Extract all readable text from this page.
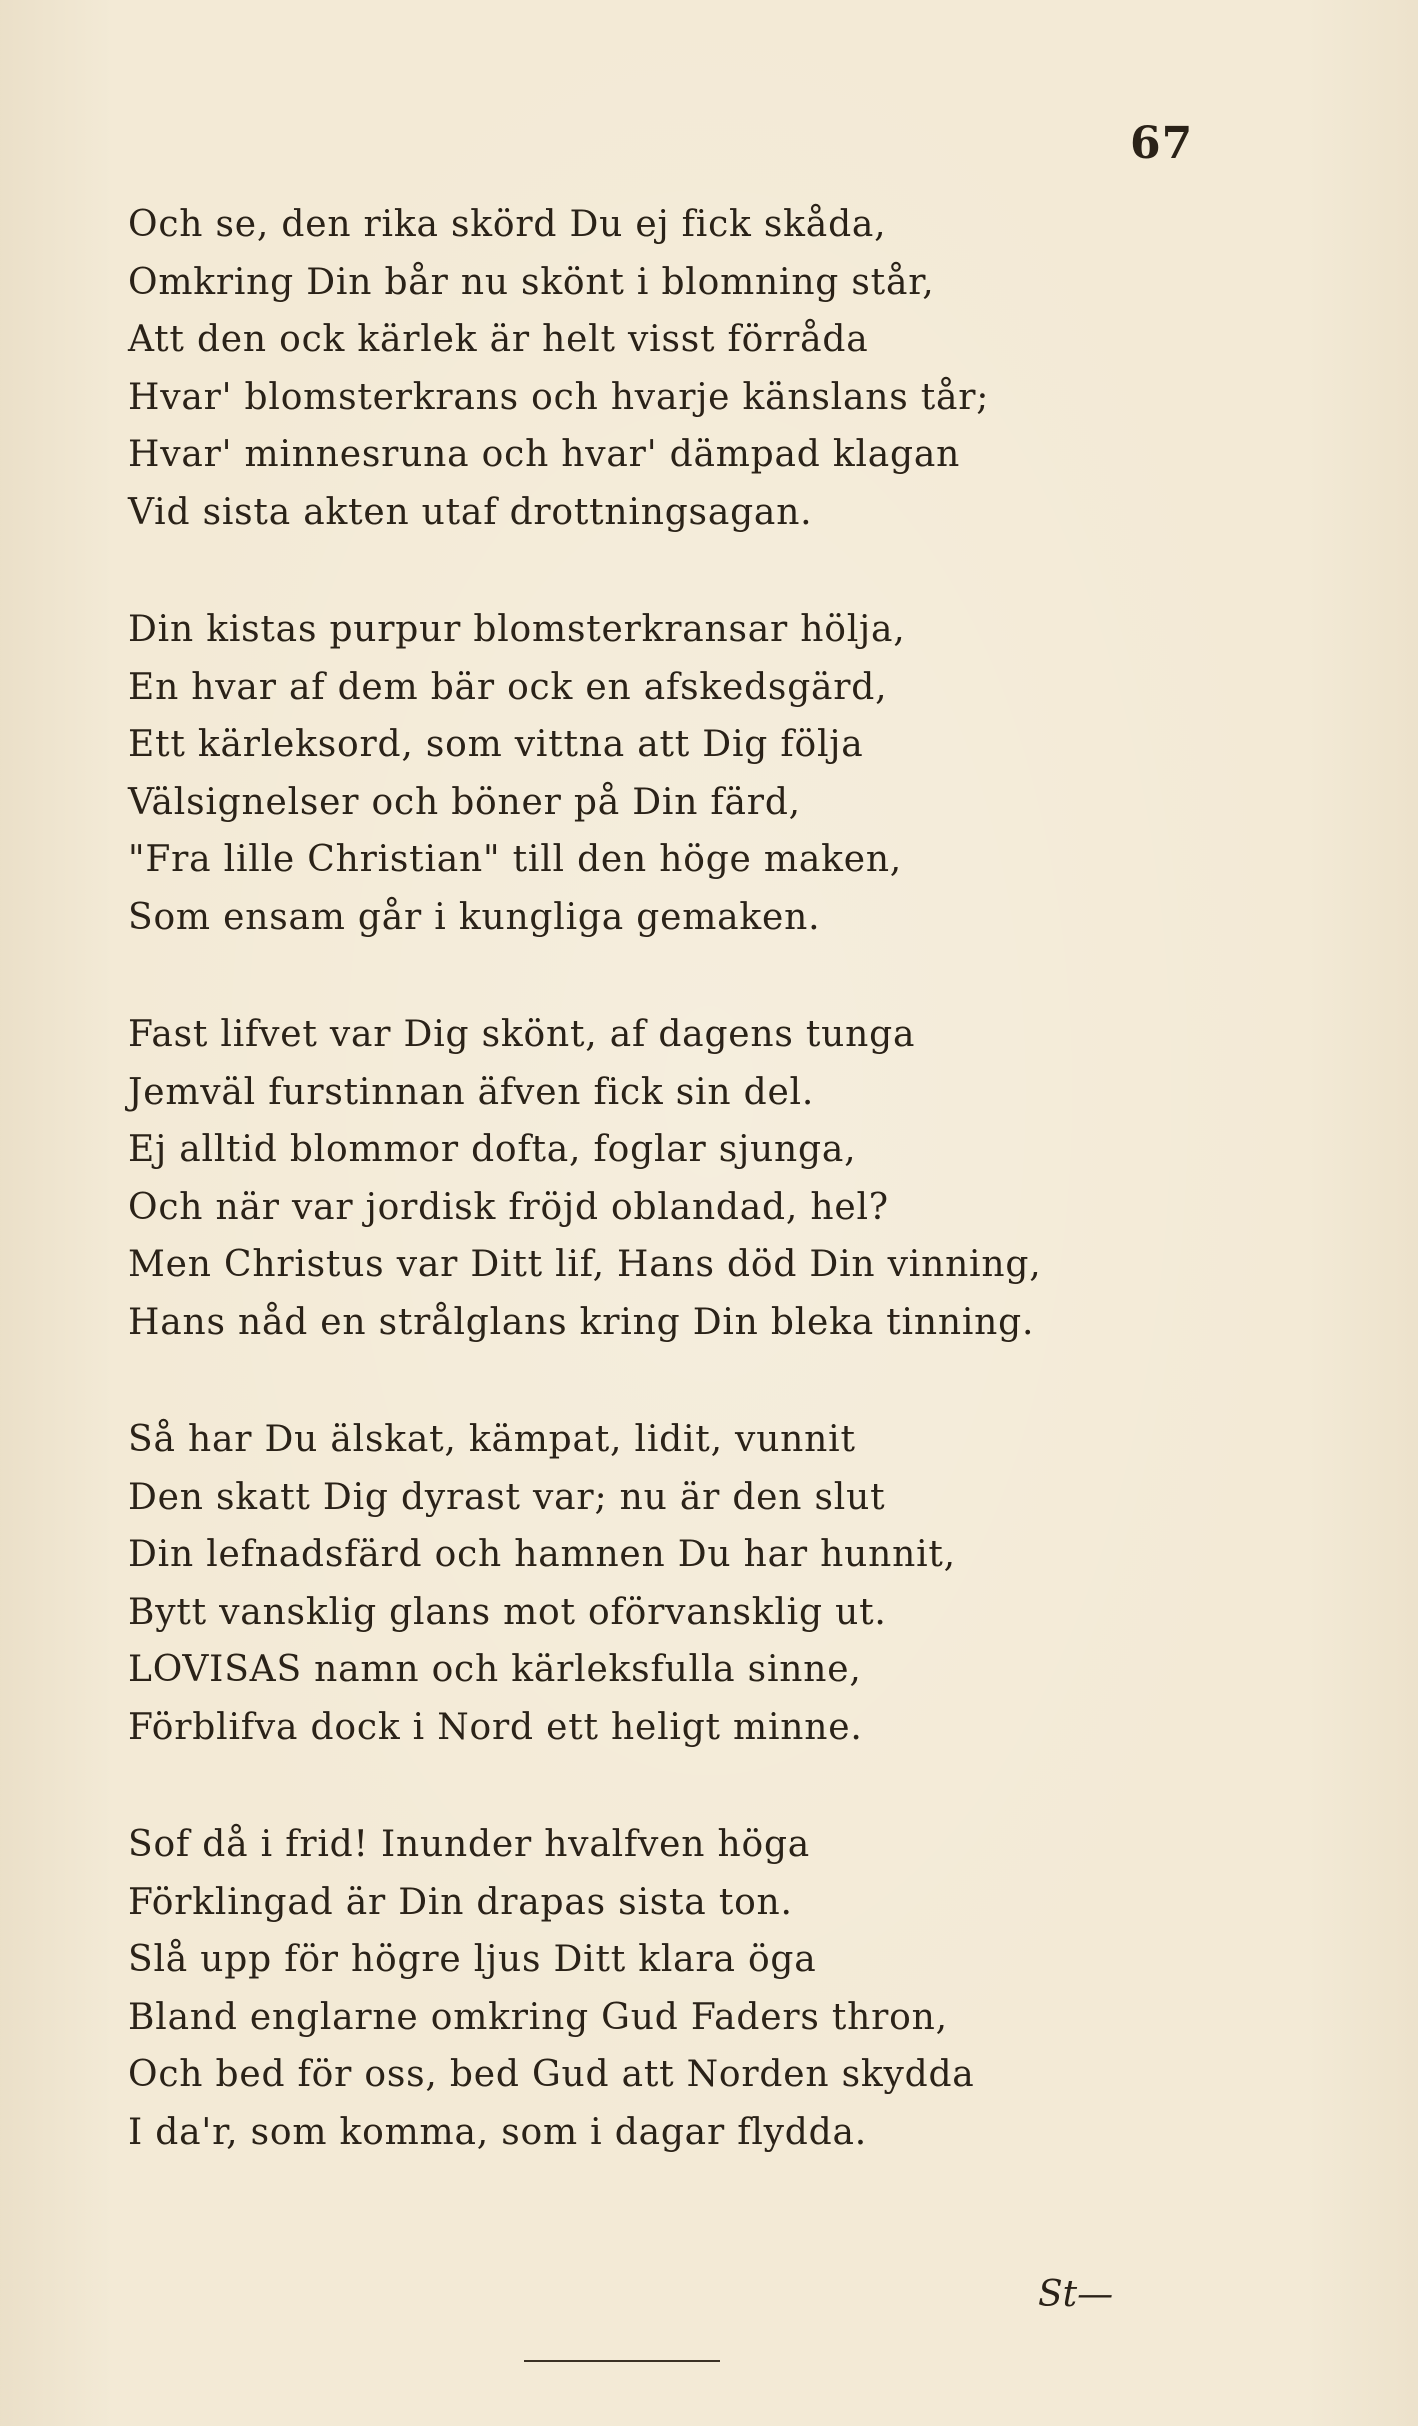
67
Och se, den rika skörd Du ej fick skåda,
Omkring Din bår nu skönt i blomning står,
Att den ock kärlek är helt visst förråda
Hvar' blomsterkrans och hvarje känslans tår;
Hvar' minnesruna och hvar' dämpad klagan
Vid sista akten utaf drottningsagan.
Din kistas purpur blomsterkransar hölja,
En hvar af dem bär ock en afskedsgärd,
Ett kärleksord, som vittna att Dig följa
Välsignelser och böner på Din färd,
"Fra lille Christian" till den höge maken,
Som ensam går i kungliga gemaken.
Fast lifvet var Dig skönt, af dagens tunga
Jemväl furstinnan äfven fick sin del.
Ej alltid blommor dofta, foglar sjunga,
Och när var jordisk fröjd oblandad, hel?
Men Christus var Ditt lif, Hans död Din vinning,
Hans nåd en strålglans kring Din bleka tinning.
Så har Du älskat, kämpat, lidit, vunnit
Den skatt Dig dyrast var; nu är den slut
Din lefnadsfärd och hamnen Du har hunnit,
Bytt vansklig glans mot oförvansklig ut.
LOVISAS namn och kärleksfulla sinne,
Förblifva dock i Nord ett heligt minne.
Sof då i frid! Inunder hvalfven höga
Förklingad är Din drapas sista ton.
Slå upp för högre ljus Ditt klara öga
Bland englarne omkring Gud Faders thron,
Och bed för oss, bed Gud att Norden skydda
I da'r, som komma, som i dagar flydda.
St—
